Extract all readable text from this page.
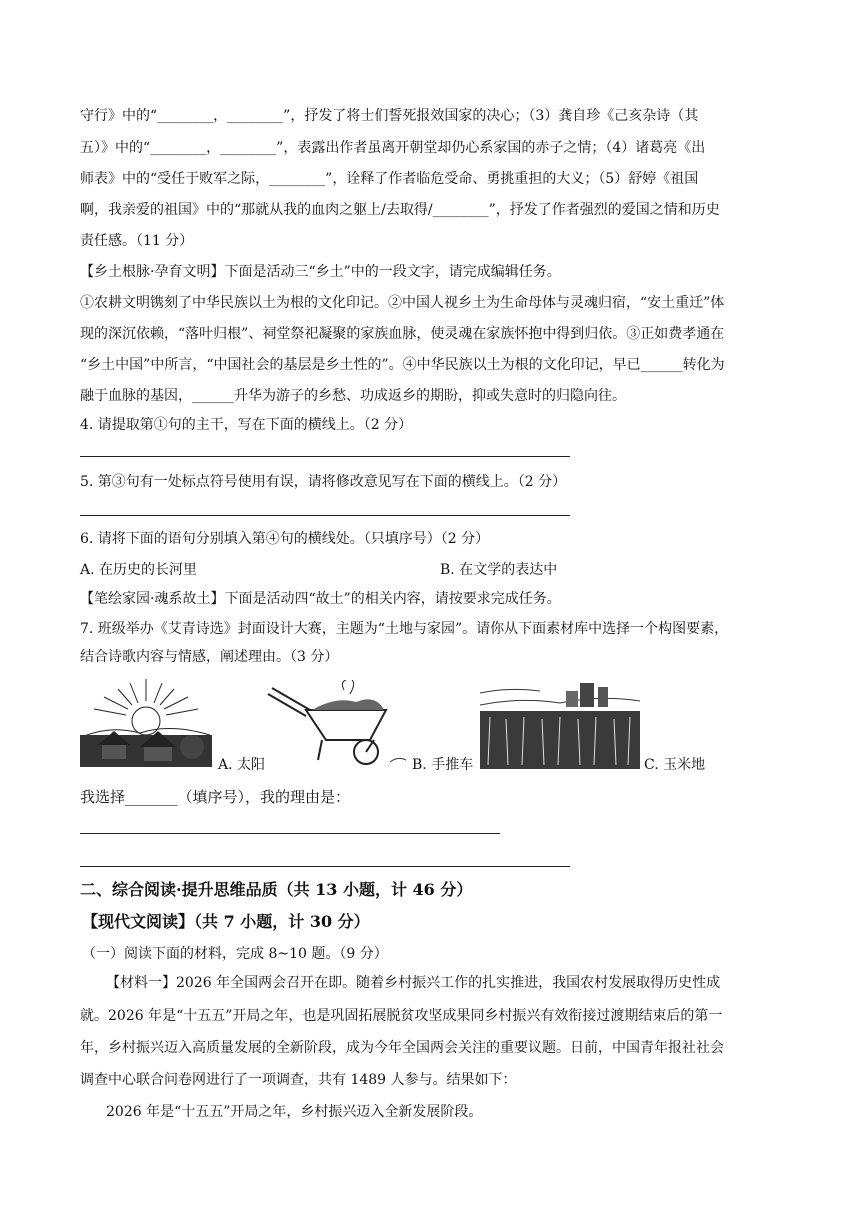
守行》中的“________，________”，抒发了将士们誓死报效国家的决心；（3）龚自珍《己亥杂诗（其
五）》中的“________，________”，表露出作者虽离开朝堂却仍心系家国的赤子之情；（4）诸葛亮《出
师表》中的“受任于败军之际，________”，诠释了作者临危受命、勇挑重担的大义；（5）舒婷《祖国
啊，我亲爱的祖国》中的“那就从我的血肉之躯上/去取得/________”，抒发了作者强烈的爱国之情和历史
责任感。（11 分）
【乡土根脉·孕育文明】下面是活动三“乡土”中的一段文字，请完成编辑任务。
①农耕文明镌刻了中华民族以土为根的文化印记。②中国人视乡土为生命母体与灵魂归宿，“安土重迁”体
现的深沉依赖，“落叶归根”、祠堂祭祀凝聚的家族血脉，使灵魂在家族怀抱中得到归依。③正如费孝通在
“乡土中国”中所言，“中国社会的基层是乡土性的”。④中华民族以土为根的文化印记，早已______转化为
融于血脉的基因，______升华为游子的乡愁、功成返乡的期盼，抑或失意时的归隐向往。
4. 请提取第①句的主干，写在下面的横线上。（2 分）
5. 第③句有一处标点符号使用有误，请将修改意见写在下面的横线上。（2 分）
6. 请将下面的语句分别填入第④句的横线处。（只填序号）（2 分）
A. 在历史的长河里	B. 在文学的表达中
【笔绘家园·魂系故土】下面是活动四“故土”的相关内容，请按要求完成任务。
7. 班级举办《艾青诗选》封面设计大赛，主题为“土地与家园”。请你从下面素材库中选择一个构图要素，
结合诗歌内容与情感，阐述理由。（3 分）
A. 太阳	B. 手推车	C. 玉米地
我选择_______（填序号），我的理由是：
二、综合阅读·提升思维品质（共 13 小题，计 46 分）
【现代文阅读】（共 7 小题，计 30 分）
（一）阅读下面的材料，完成 8~10 题。（9 分）
【材料一】2026 年全国两会召开在即。随着乡村振兴工作的扎实推进，我国农村发展取得历史性成
就。2026 年是“十五五”开局之年，也是巩固拓展脱贫攻坚成果同乡村振兴有效衔接过渡期结束后的第一
年，乡村振兴迈入高质量发展的全新阶段，成为今年全国两会关注的重要议题。日前，中国青年报社社会
调查中心联合问卷网进行了一项调查，共有 1489 人参与。结果如下：
2026 年是“十五五”开局之年，乡村振兴迈入全新发展阶段。
